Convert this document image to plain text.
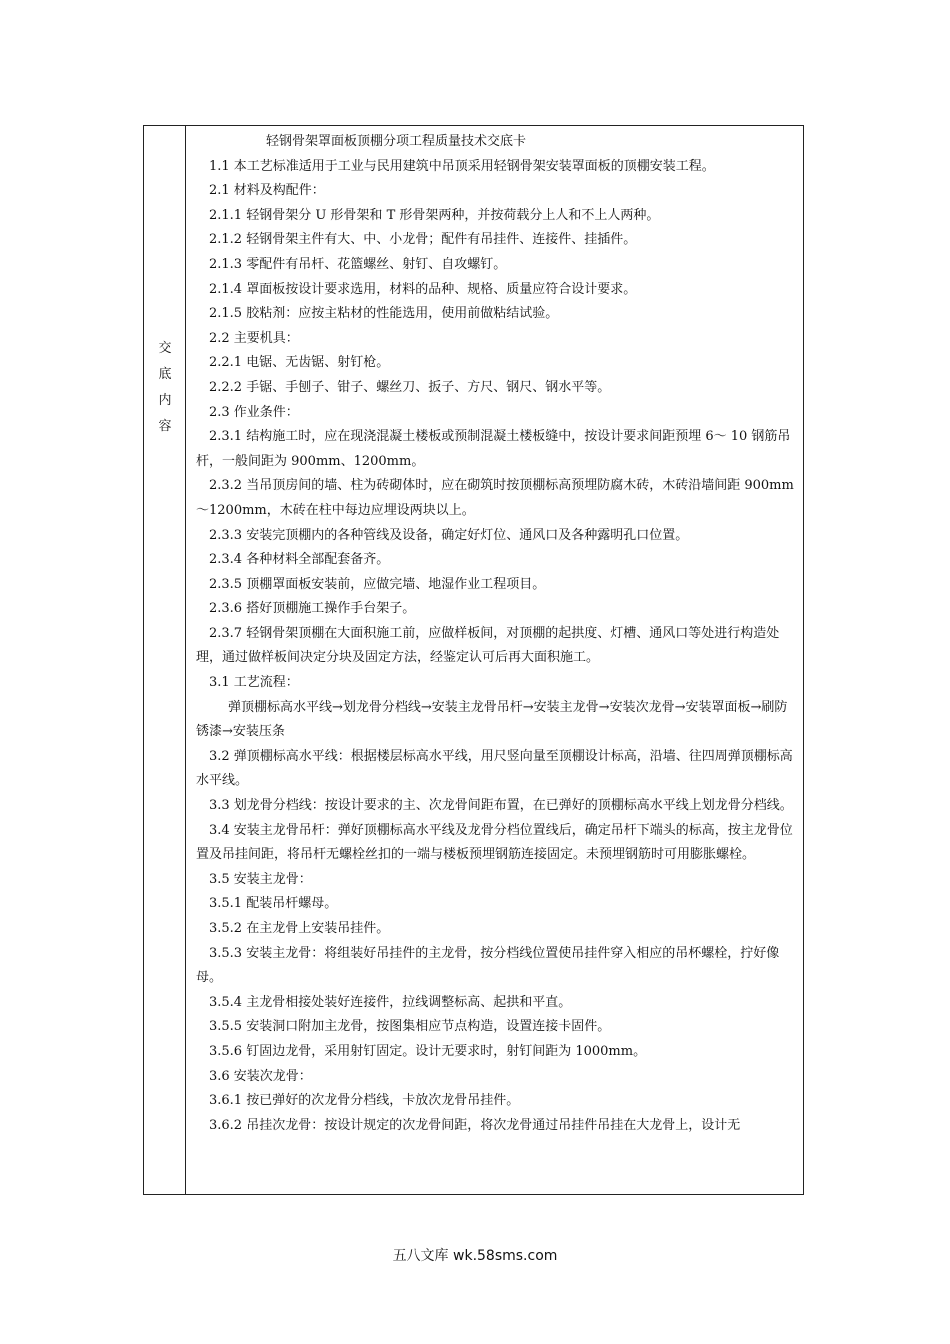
交
底
内
容
轻钢骨架罩面板顶棚分项工程质量技术交底卡

1.1 本工艺标准适用于工业与民用建筑中吊顶采用轻钢骨架安装罩面板的顶棚安装工程。

2.1 材料及构配件：

2.1.1 轻钢骨架分 U 形骨架和 T 形骨架两种，并按荷载分上人和不上人两种。

2.1.2 轻钢骨架主件有大、中、小龙骨；配件有吊挂件、连接件、挂插件。

2.1.3 零配件有吊杆、花篮螺丝、射钉、自攻螺钉。

2.1.4 罩面板按设计要求选用，材料的品种、规格、质量应符合设计要求。

2.1.5 胶粘剂：应按主粘材的性能选用，使用前做粘结试验。

2.2 主要机具：

2.2.1 电锯、无齿锯、射钉枪。

2.2.2 手锯、手刨子、钳子、螺丝刀、扳子、方尺、钢尺、钢水平等。

2.3 作业条件：

2.3.1 结构施工时，应在现浇混凝土楼板或预制混凝土楼板缝中，按设计要求间距预埋 6～ 10 钢筋吊杆，一般间距为 900mm、1200mm。

2.3.2 当吊顶房间的墙、柱为砖砌体时，应在砌筑时按顶棚标高预埋防腐木砖，木砖沿墙间距 900mm～1200mm，木砖在柱中每边应埋设两块以上。

2.3.3 安装完顶棚内的各种管线及设备，确定好灯位、通风口及各种露明孔口位置。

2.3.4 各种材料全部配套备齐。

2.3.5 顶棚罩面板安装前，应做完墙、地湿作业工程项目。

2.3.6 搭好顶棚施工操作手台架子。

2.3.7 轻钢骨架顶棚在大面积施工前，应做样板间，对顶棚的起拱度、灯槽、通风口等处进行构造处理，通过做样板间决定分块及固定方法，经鉴定认可后再大面积施工。

3.1 工艺流程：

弹顶棚标高水平线→划龙骨分档线→安装主龙骨吊杆→安装主龙骨→安装次龙骨→安装罩面板→刷防锈漆→安装压条

3.2 弹顶棚标高水平线：根据楼层标高水平线，用尺竖向量至顶棚设计标高，沿墙、往四周弹顶棚标高水平线。

3.3 划龙骨分档线：按设计要求的主、次龙骨间距布置，在已弹好的顶棚标高水平线上划龙骨分档线。

3.4 安装主龙骨吊杆：弹好顶棚标高水平线及龙骨分档位置线后，确定吊杆下端头的标高，按主龙骨位置及吊挂间距，将吊杆无螺栓丝扣的一端与楼板预埋钢筋连接固定。未预埋钢筋时可用膨胀螺栓。

3.5 安装主龙骨：

3.5.1 配装吊杆螺母。

3.5.2 在主龙骨上安装吊挂件。

3.5.3 安装主龙骨：将组装好吊挂件的主龙骨，按分档线位置使吊挂件穿入相应的吊杯螺栓，拧好像母。

3.5.4 主龙骨相接处装好连接件，拉线调整标高、起拱和平直。

3.5.5 安装洞口附加主龙骨，按图集相应节点构造，设置连接卡固件。

3.5.6 钉固边龙骨，采用射钉固定。设计无要求时，射钉间距为 1000mm。

3.6 安装次龙骨：

3.6.1 按已弹好的次龙骨分档线，卡放次龙骨吊挂件。

3.6.2 吊挂次龙骨：按设计规定的次龙骨间距，将次龙骨通过吊挂件吊挂在大龙骨上，设计无

五八文库 wk.58sms.com
